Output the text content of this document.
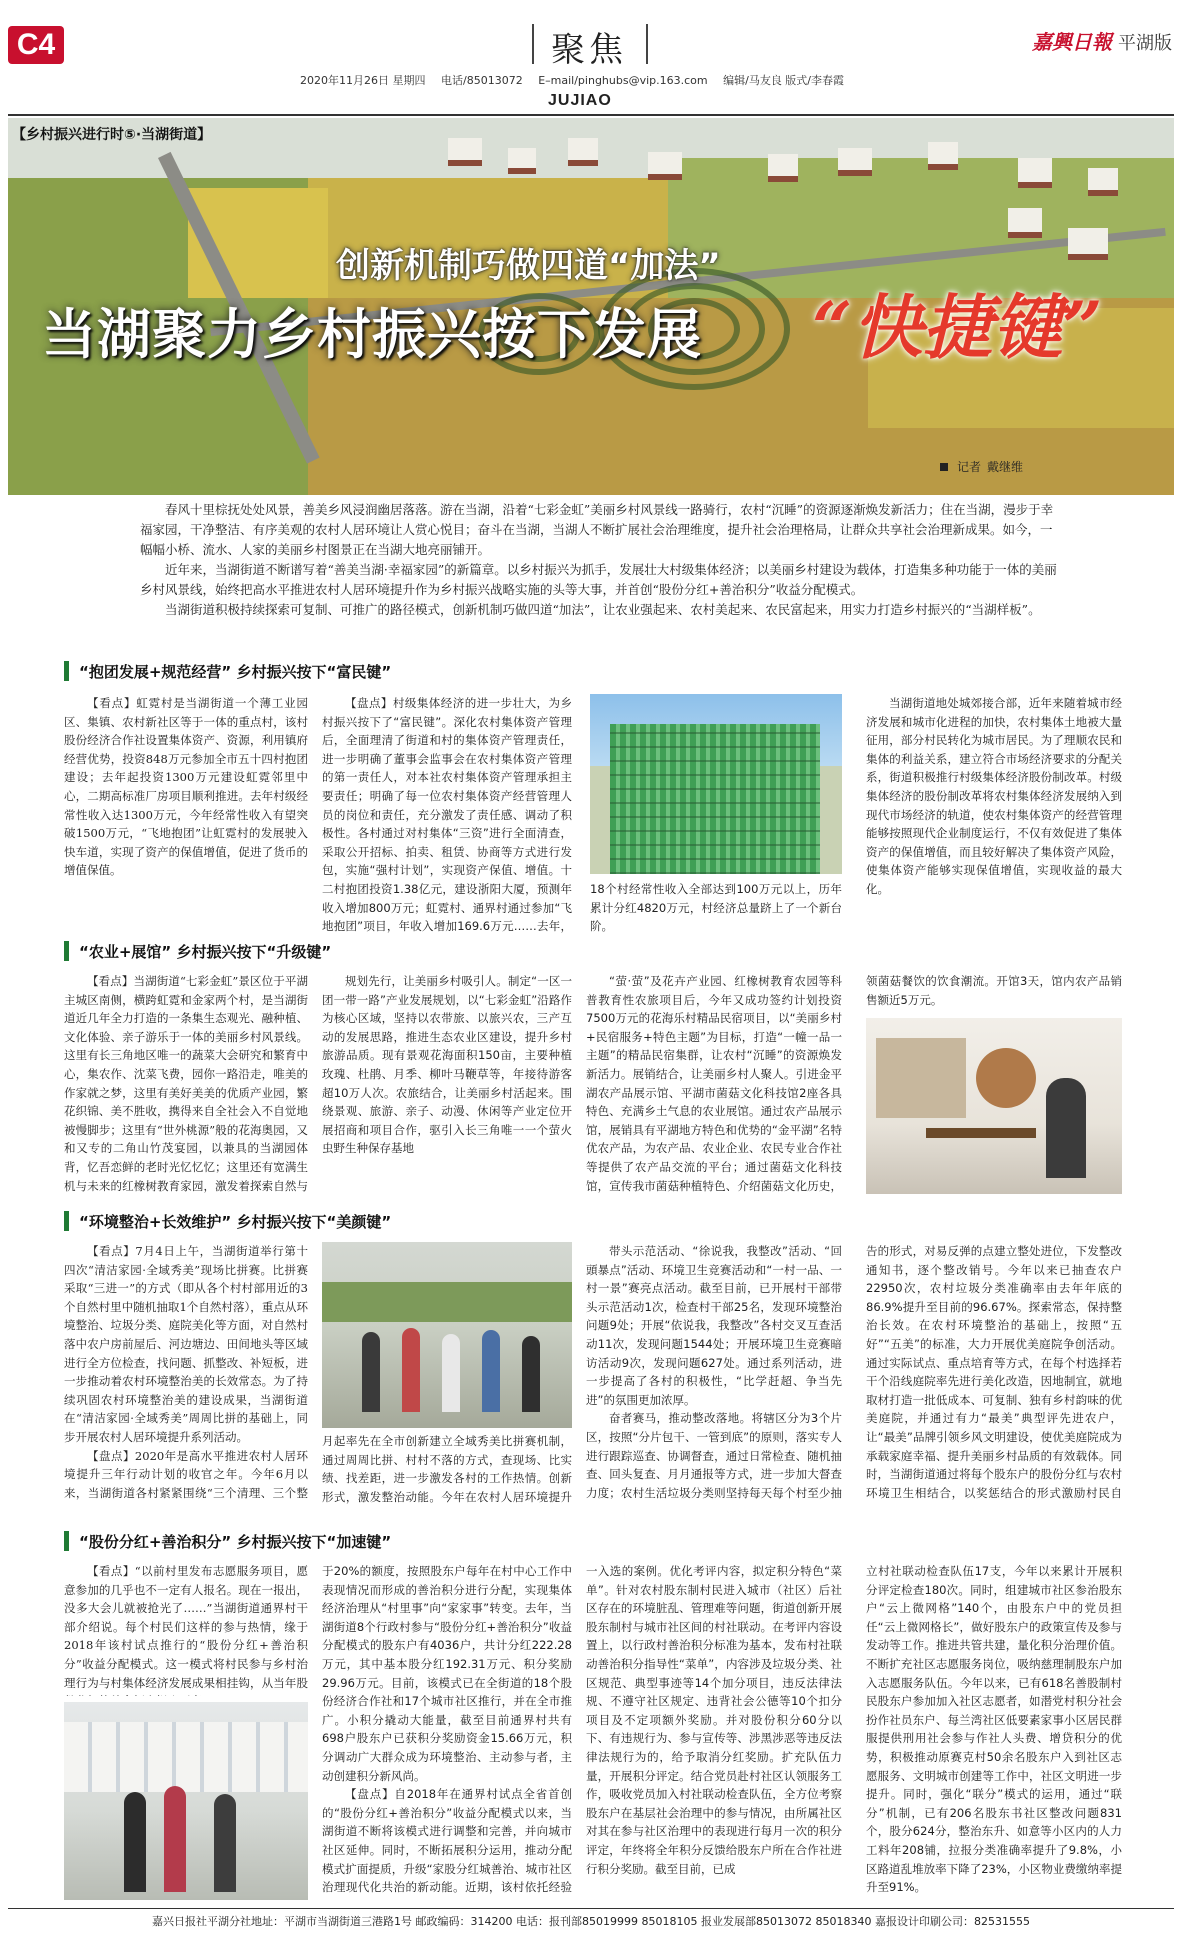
C4	聚焦	嘉興日報 平湖版
2020年11月26日 星期四 电话/85013072 E–mail/pinghubs@vip.163.com 编辑/马友良 版式/李春霞
JUJIAO
【乡村振兴进行时⑤·当湖街道】
创新机制巧做四道“加法”
当湖聚力乡村振兴按下发展 “快捷键”
记者 戴继维

春风十里棕抚处处风景，善美乡风浸润幽居落落。游在当湖，沿着“七彩金虹”美丽乡村风景线一路骑行，农村“沉睡”的资源逐渐焕发新活力；住在当湖，漫步于幸福家园，干净整洁、有序美观的农村人居环境让人赏心悦目；奋斗在当湖，当湖人不断扩展社会治理维度，提升社会治理格局，让群众共享社会治理新成果。如今，一幅幅小桥、流水、人家的美丽乡村图景正在当湖大地亮丽铺开。

近年来，当湖街道不断谱写着“善美当湖·幸福家园”的新篇章。以乡村振兴为抓手，发展壮大村级集体经济；以美丽乡村建设为载体，打造集多种功能于一体的美丽乡村风景线，始终把高水平推进农村人居环境提升作为乡村振兴战略实施的头等大事，并首创“股份分红+善治积分”收益分配模式。

当湖街道积极持续探索可复制、可推广的路径模式，创新机制巧做四道“加法”，让农业强起来、农村美起来、农民富起来，用实力打造乡村振兴的“当湖样板”。

“抱团发展+规范经营” 乡村振兴按下“富民键”

【看点】虹霓村是当湖街道一个薄工业园区、集镇、农村新社区等于一体的重点村，该村股份经济合作社设置集体资产、资源，利用镇府经营优势，投资848万元参加全市五十四村抱团建设；去年起投资1300万元建设虹霓邻里中心，二期高标准厂房项目顺利推进。去年村级经常性收入达1300万元，今年经常性收入有望突破1500万元，“飞地抱团”让虹霓村的发展驶入快车道，实现了资产的保值增值，促进了货币的增值保值。

【盘点】村级集体经济的进一步壮大，为乡村振兴按下了“富民键”。深化农村集体资产管理后，全面理清了街道和村的集体资产管理责任，进一步明确了董事会监事会在农村集体资产管理的第一责任人，对本社农村集体资产管理承担主要责任；明确了每一位农村集体资产经营管理人员的岗位和责任，充分激发了责任感、调动了积极性。各村通过对村集体“三资”进行全面清查，采取公开招标、拍卖、租赁、协商等方式进行发包，实施“强村计划”，实现资产保值、增值。十二村抱团投资1.38亿元，建设浙阳大厦，预测年收入增加800万元；虹霓村、通界村通过参加“飞地抱团”项目，年收入增加169.6万元……去年，

18个村经常性收入全部达到100万元以上，历年累计分红4820万元，村经济总量跻上了一个新台阶。

当湖街道地处城郊接合部，近年来随着城市经济发展和城市化进程的加快，农村集体土地被大量征用，部分村民转化为城市居民。为了理顺农民和集体的利益关系，建立符合市场经济要求的分配关系，街道积极推行村级集体经济股份制改革。村级集体经济的股份制改革将农村集体经济发展纳入到现代市场经济的轨道，使农村集体资产的经营管理能够按照现代企业制度运行，不仅有效促进了集体资产的保值增值，而且较好解决了集体资产风险，使集体资产能够实现保值增值，实现收益的最大化。

“农业+展馆” 乡村振兴按下“升级键”

【看点】当湖街道“七彩金虹”景区位于平湖主城区南侧，横跨虹霓和金家两个村，是当湖街道近几年全力打造的一条集生态观光、融种植、文化体验、亲子游乐于一体的美丽乡村风景线。这里有长三角地区唯一的蔬菜大会研究和繁育中心，集农作、沈菜飞费，园你一路沿走，唯美的作家就之梦，这里有美好美美的优质产业园，繁花织锦、美不胜收，携得来自全社会入不自觉地被慢脚步；这里有“世外桃源”般的花海奥园，又和又专的二角山竹茂宴园，以兼具的当湖园体背，忆吾恋鲜的老时光忆忆忆；这里还有宽满生机与未来的红橡树教育家园，激发着探索自然与

规划先行，让美丽乡村吸引人。制定“一区一团一带一路”产业发展规划，以“七彩金虹”沿路作为核心区域，坚持以农带旅、以旅兴农，三产互动的发展思路，推进生态农业区建设，提升乡村旅游品质。现有景观花海面积150亩，主要种植玫瑰、杜鹃、月季、柳叶马鞭草等，年接待游客超10万人次。农旅结合，让美丽乡村活起来。围绕景观、旅游、亲子、动漫、休闲等产业定位开展招商和项目合作，驱引入长三角唯一一个萤火虫野生种保存基地

“萤·萤”及花卉产业园、红橡树教育农园等科普教育性农旅项目后，今年又成功签约计划投资7500万元的花海乐村精品民宿项目，以“美丽乡村+民宿服务+特色主题”为目标，打造“一幢一品一主题”的精品民宿集群，让农村“沉睡”的资源焕发新活力。展销结合，让美丽乡村人聚人。引进金平湖农产品展示馆、平湖市菌菇文化科技馆2座各具特色、充满乡土气息的农业展馆。通过农产品展示馆，展销具有平湖地方特色和优势的“金平湖”名特优农产品，为农产品、农业企业、农民专业合作社等提供了农产品交流的平台；通过菌菇文化科技馆，宣传我市菌菇种植特色、介绍菌菇文化历史，

领菌菇餐饮的饮食潮流。开馆3天，馆内农产品销售额近5万元。

“环境整治+长效维护” 乡村振兴按下“美颜键”

【看点】7月4日上午，当湖街道举行第十四次“清洁家园·全域秀美”现场比拼赛。比拼赛采取“三进一”的方式（即从各个村村部用近的3个自然村里中随机抽取1个自然村落），重点从环境整治、垃圾分类、庭院美化等方面，对自然村落中农户房前屋后、河边塘边、田间地头等区域进行全方位检查，找问题、抓整改、补短板，进一步推动着农村环境整治美的长效常态。为了持续巩固农村环境整治美的建设成果，当湖街道在“清洁家园·全域秀美”周周比拼的基础上，同步开展农村人居环境提升系列活动。

【盘点】2020年是高水平推进农村人居环境提升三年行动计划的收官之年。今年6月以来，当湖街道各村紧紧围绕“三个清理、三个整

月起率先在全市创新建立全域秀美比拼赛机制，通过周周比拼、村村不落的方式，查现场、比实绩、找差距，进一步激发各村的工作热情。创新形式，激发整治动能。今年在农村人居环境提升

带头示范活动、“徐说我，我整改”活动、“回頭暴点”活动、环境卫生竞赛活动和“一村一品、一村一景”赛亮点活动。截至目前，已开展村干部带头示范活动1次，检查村干部25名，发现环境整治问题9处；开展“依说我，我整改”各村交叉互查活动11次，发现问题1544处；开展环境卫生竞赛暗访活动9次，发现问题627处。通过系列活动，进一步提高了各村的积极性，“比学赶超、争当先进”的氛围更加浓厚。

奋者赛马，推动整改落地。将辖区分为3个片区，按照“分片包干、一管到底”的原则，落实专人进行跟踪巡查、协调督查，通过日常检查、随机抽查、回头复查、月月通报等方式，进一步加大督查力度；农村生活垃圾分类则坚持每天每个村至少抽

告的形式，对易反弹的点建立整处进位，下发整改通知书，逐个整改销号。今年以来已抽查农户22950次，农村垃圾分类准确率由去年年底的86.9%提升至目前的96.67%。探索常态，保持整治长效。在农村环境整治的基础上，按照“五好”“五美”的标准，大力开展优美庭院争创活动。通过实际试点、重点培育等方式，在每个村选择若干个沿线庭院率先进行美化改造，因地制宜，就地取材打造一批低成本、可复制、独有乡村韵味的优美庭院，并通过有力“最美”典型评先进农户，让“最美”品牌引领乡风文明建设，使优美庭院成为承载家庭幸福、提升美丽乡村品质的有效载体。同时，当湖街道通过将每个股东户的股份分红与农村环境卫生相结合，以奖惩结合的形式激励村民自

“股份分红+善治积分” 乡村振兴按下“加速键”

【看点】“以前村里发布志愿服务项目，愿意参加的几乎也不一定有人报名。现在一报出，没多大会儿就被抢光了……”当湖街道通界村干部介绍说。每个村民们这样的参与热情，缘于2018年该村试点推行的“股份分红+善治积分”收益分配模式。这一模式将村民参与乡村治理行为与村集体经济发展成果相挂钩，从当年股

于20%的额度，按照股东户每年在村中心工作中表现情况而形成的善治积分进行分配，实现集体经济治理从“村里事”向“家家事”转变。去年，当湖街道8个行政村参与“股份分红+善治积分”收益分配模式的股东户有4036户，共计分红222.28万元，其中基本股分红192.31万元、积分奖励29.96万元。目前，该模式已在全街道的18个股份经济合作社和17个城市社区推行，并在全市推广。小积分撬动大能量，截至目前通界村共有698户股东户已获积分奖励资金15.66万元，积分调动广大群众成为环境整治、主动参与者，主动创建积分新风尚。

【盘点】自2018年在通界村试点全省首创的“股份分红+善治积分”收益分配模式以来，当湖街道不断将该模式进行调整和完善，并向城市社区延伸。同时，不断拓展积分运用，推动分配模式扩面提质，升级“家股分红城善治、城市社区治理现代化共治的新动能。近期，该村依托经验

一入选的案例。优化考评内容，拟定积分特色“菜单”。针对农村股东制村民进入城市（社区）后社区存在的环境脏乱、管理难等问题，街道创新开展股东制村与城市社区间的村社联动。在考评内容设置上，以行政村善治积分标准为基本，发布村社联动善治积分指导性“菜单”，内容涉及垃圾分类、社区规范、典型事迹等14个加分项目，违反法律法规、不遵守社区规定、违背社会公德等10个扣分项目及不定项额外奖励。并对股份积分60分以下、有违规行为、参与宣传等、涉黑涉恶等违反法律法规行为的，给予取消分红奖励。扩充队伍力量，开展积分评定。结合党员赴村社区认领服务工作，吸收党员加入村社联动检查队伍，全方位考察股东户在基层社会治理中的参与情况，由所属社区对其在参与社区治理中的表现进行每月一次的积分评定，年终将全年积分反馈给股东户所在合作社进行积分奖励。截至目前，已成

立村社联动检查队伍17支，今年以来累计开展积分评定检查180次。同时，组建城市社区参治股东户“云上微网格”140个，由股东户中的党员担任“云上微网格长”，做好股东户的政策宣传及参与发动等工作。推进共管共建，量化积分治理价值。不断扩充社区志愿服务岗位，吸纳慈理制股东户加入志愿服务队伍。今年以来，已有618名善股制村民股东户参加加入社区志愿者，如潜党村积分社会扮作社员东户、每兰湾社区低要素家事小区居民群服提供刑用社会参与作社人头费、增贷积分的优势，积极推动原赛克村50余名股东户入到社区志愿服务、文明城市创建等工作中，社区文明进一步提升。同时，强化“联分”模式的运用，通过“联分”机制，已有206名股东书社区整改问题831个，股分624分，整治东升、如意等小区内的人力工料年208铺，拉报分类准确率提升了9.8%，小区路道乱堆放率下降了23%，小区物业费缴纳率提升至91%。

嘉兴日报社平湖分社地址：平湖市当湖街道三港路1号 邮政编码：314200 电话：报刊部85019999 85018105 报业发展部85013072 85018340 嘉报设计印刷公司：82531555
